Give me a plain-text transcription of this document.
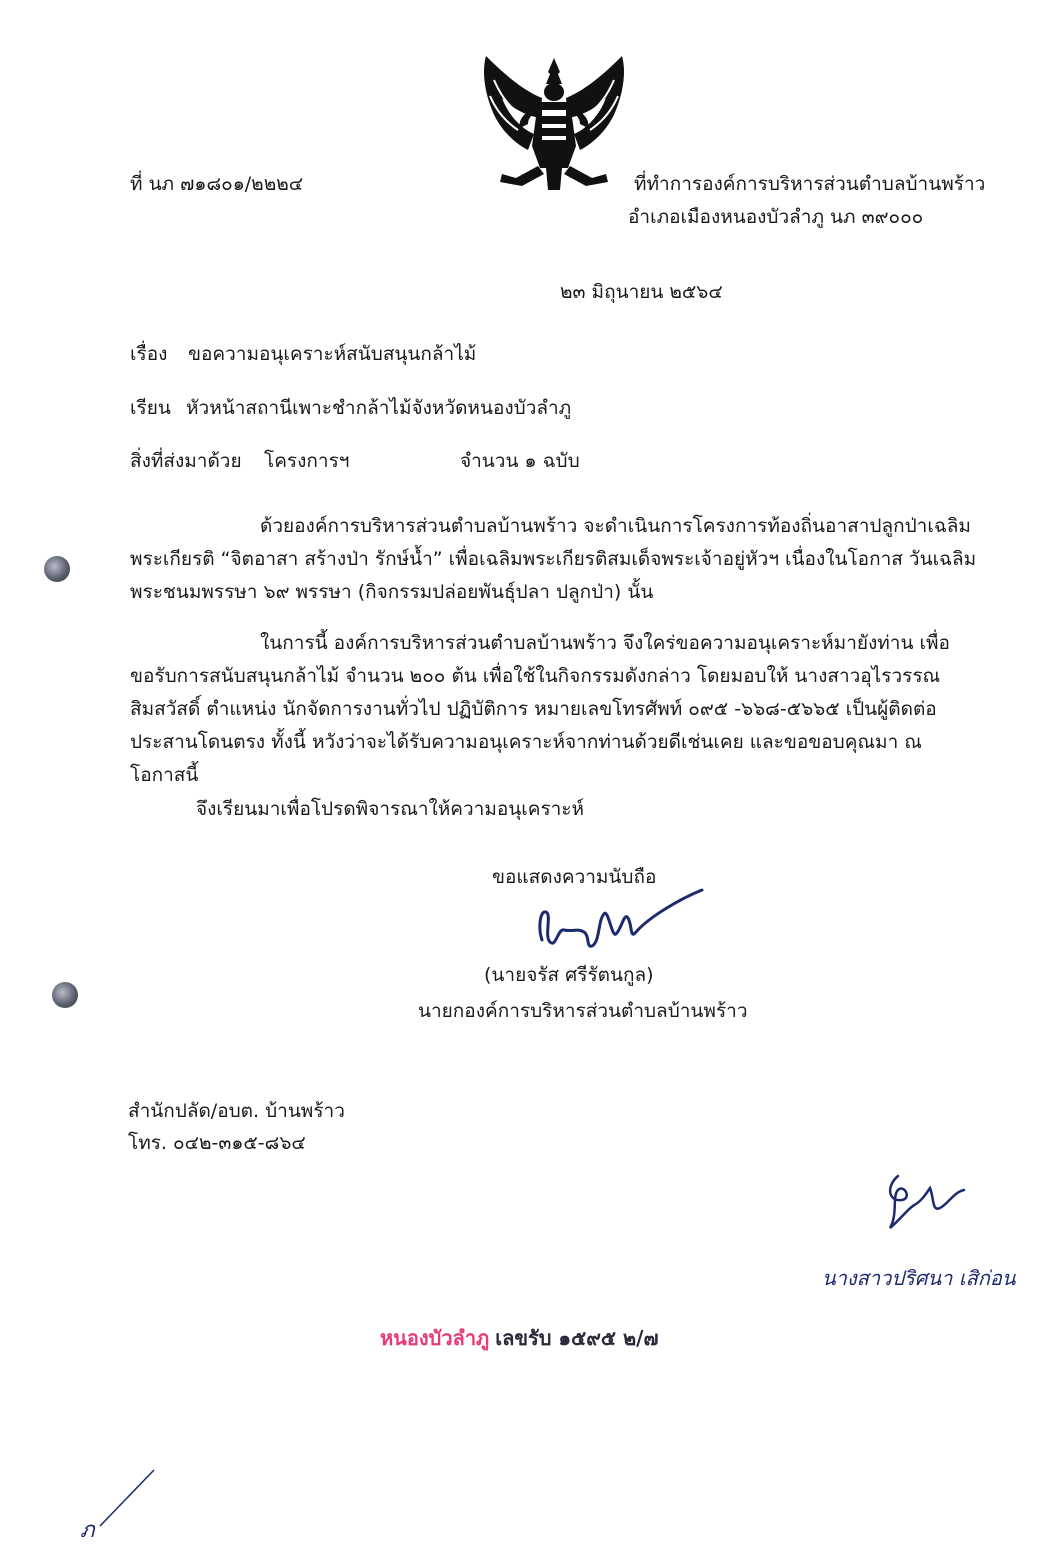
ที่ นภ ๗๑๘๐๑/๒๒๒๔	ที่ทำการองค์การบริหารส่วนตำบลบ้านพร้าว
อำเภอเมืองหนองบัวลำภู นภ ๓๙๐๐๐
๒๓ มิถุนายน ๒๕๖๔
เรื่อง ขอความอนุเคราะห์สนับสนุนกล้าไม้
เรียน หัวหน้าสถานีเพาะชำกล้าไม้จังหวัดหนองบัวลำภู
สิ่งที่ส่งมาด้วย โครงการฯ	จำนวน ๑ ฉบับ
ด้วยองค์การบริหารส่วนตำบลบ้านพร้าว จะดำเนินการโครงการท้องถิ่นอาสาปลูกป่าเฉลิม
พระเกียรติ “จิตอาสา สร้างป่า รักษ์น้ำ” เพื่อเฉลิมพระเกียรติสมเด็จพระเจ้าอยู่หัวฯ เนื่องในโอกาส วันเฉลิม
พระชนมพรรษา ๖๙ พรรษา (กิจกรรมปล่อยพันธุ์ปลา ปลูกป่า) นั้น
ในการนี้ องค์การบริหารส่วนตำบลบ้านพร้าว จึงใคร่ขอความอนุเคราะห์มายังท่าน เพื่อ
ขอรับการสนับสนุนกล้าไม้ จำนวน ๒๐๐ ต้น เพื่อใช้ในกิจกรรมดังกล่าว โดยมอบให้ นางสาวอุไรวรรณ
สิมสวัสดิ์ ตำแหน่ง นักจัดการงานทั่วไป ปฏิบัติการ หมายเลขโทรศัพท์ ๐๙๕ -๖๖๘-๕๖๖๕ เป็นผู้ติดต่อ
ประสานโดนตรง ทั้งนี้ หวังว่าจะได้รับความอนุเคราะห์จากท่านด้วยดีเช่นเคย และขอขอบคุณมา ณ
โอกาสนี้
จึงเรียนมาเพื่อโปรดพิจารณาให้ความอนุเคราะห์
ขอแสดงความนับถือ
(นายจรัส ศรีรัตนกูล)
นายกองค์การบริหารส่วนตำบลบ้านพร้าว
สำนักปลัด/อบต. บ้านพร้าว
โทร. ๐๔๒-๓๑๕-๘๖๔
นางสาวปริศนา เสิก่อน
หนองบัวลำภู เลขรับ ๑๕๙๕ ๒/๗
ภ
